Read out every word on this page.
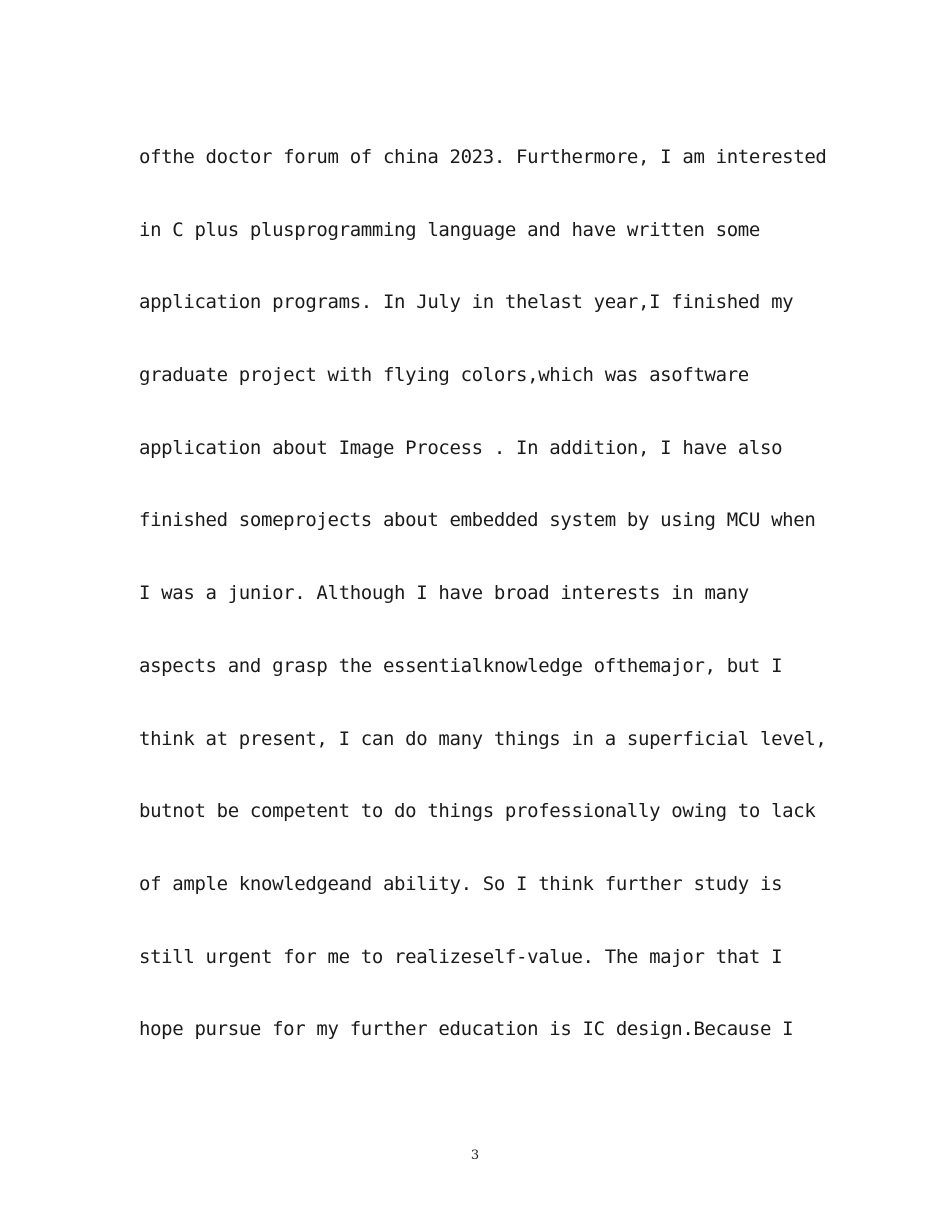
ofthe doctor forum of china 2023. Furthermore, I am interested
in C plus plusprogramming language and have written some
application programs. In July in thelast year,I finished my
graduate project with flying colors,which was asoftware
application about Image Process . In addition, I have also
finished someprojects about embedded system by using MCU when
I was a junior. Although I have broad interests in many
aspects and grasp the essentialknowledge ofthemajor, but I
think at present, I can do many things in a superficial level,
butnot be competent to do things professionally owing to lack
of ample knowledgeand ability. So I think further study is
still urgent for me to realizeself-value. The major that I
hope pursue for my further education is IC design.Because I
3
